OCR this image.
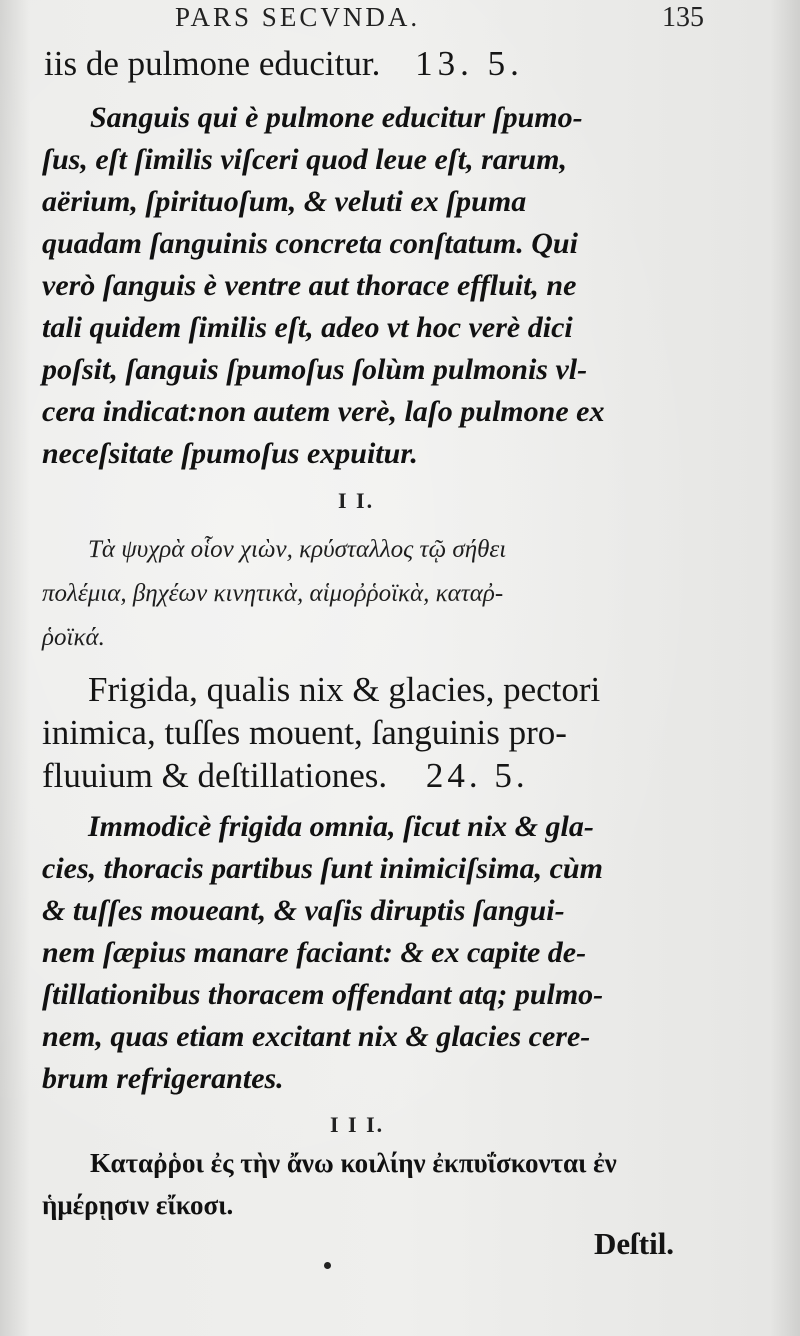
PARS SECVNDA.	135
iis de pulmone educitur. 13. 5.
Sanguis qui è pulmone educitur ſpumo-
ſus, eſt ſimilis viſceri quod leue eſt, rarum,
aërium, ſpirituoſum, & veluti ex ſpuma
quadam ſanguinis concreta conſtatum. Qui
verò ſanguis è ventre aut thorace effluit, ne
tali quidem ſimilis eſt, adeo vt hoc verè dici
poſsit, ſanguis ſpumoſus ſolùm pulmonis vl-
cera indicat:non autem verè, laſo pulmone ex
neceſsitate ſpumoſus expuitur.
I I.
Τὰ ψυχρὰ οἷον χιὼν, κρύσταλλος τῷ σήθει
πολέμια, βηχέων κινητικὰ, αἱμοῤῥοϊκὰ, καταῤ-
ῥοϊκά.
Frigida, qualis nix & glacies, pectori
inimica, tuſſes mouent, ſanguinis pro-
fluuium & deſtillationes. 24. 5.
Immodicè frigida omnia, ſicut nix & gla-
cies, thoracis partibus ſunt inimiciſsima, cùm
& tuſſes moueant, & vaſis diruptis ſangui-
nem ſæpius manare faciant: & ex capite de-
ſtillationibus thoracem offendant atq; pulmo-
nem, quas etiam excitant nix & glacies cere-
brum refrigerantes.
I I I.
Καταῤῥοι ἐς τὴν ἄνω κοιλίην ἐκπυΐσκονται ἐν
ἡμέρῃσιν εἴκοσι.
Deſtil.
